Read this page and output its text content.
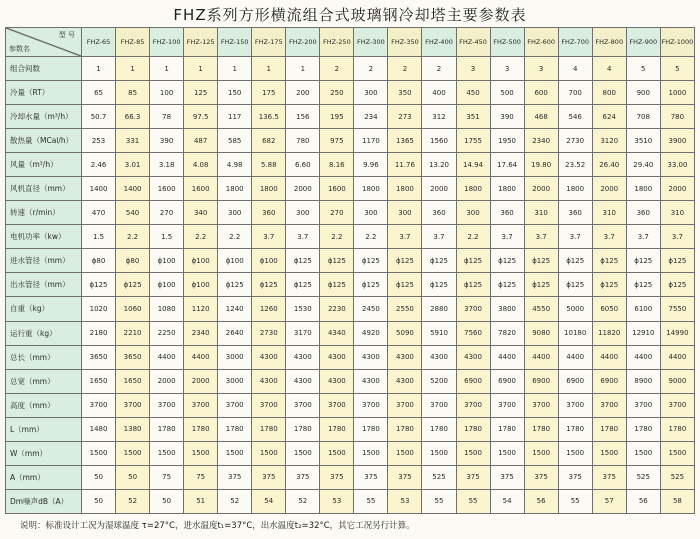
FHZ系列方形横流组合式玻璃钢冷却塔主要参数表
型 号
参数名	FHZ-65	FHZ-85	FHZ-100	FHZ-125	FHZ-150	FHZ-175	FHZ-200	FHZ-250	FHZ-300	FHZ-350	FHZ-400	FHZ-450	FHZ-500	FHZ-600	FHZ-700	FHZ-800	FHZ-900	FHZ-1000
组合间数	1	1	1	1	1	1	1	2	2	2	2	3	3	3	4	4	5	5
冷量（RT）	65	85	100	125	150	175	200	250	300	350	400	450	500	600	700	800	900	1000
冷却水量（m³/h）	50.7	66.3	78	97.5	117	136.5	156	195	234	273	312	351	390	468	546	624	708	780
散热量（MCal/h）	253	331	390	487	585	682	780	975	1170	1365	1560	1755	1950	2340	2730	3120	3510	3900
风量（m³/h）	2.46	3.01	3.18	4.08	4.98	5.88	6.60	8.16	9.96	11.76	13.20	14.94	17.64	19.80	23.52	26.40	29.40	33.00
风机直径（mm）	1400	1400	1600	1600	1800	1800	2000	1600	1800	1800	2000	1800	1800	2000	1800	2000	1800	2000
转速（r/min）	470	540	270	340	300	360	300	270	300	300	360	300	360	310	360	310	360	310
电机功率（kw）	1.5	2.2	1.5	2.2	2.2	3.7	3.7	2.2	2.2	3.7	3.7	2.2	3.7	3.7	3.7	3.7	3.7	3.7
进水管径（mm）	ϕ80	ϕ80	ϕ100	ϕ100	ϕ100	ϕ100	ϕ125	ϕ125	ϕ125	ϕ125	ϕ125	ϕ125	ϕ125	ϕ125	ϕ125	ϕ125	ϕ125	ϕ125
出水管径（mm）	ϕ125	ϕ125	ϕ100	ϕ100	ϕ125	ϕ125	ϕ125	ϕ125	ϕ125	ϕ125	ϕ125	ϕ125	ϕ125	ϕ125	ϕ125	ϕ125	ϕ125	ϕ125
自重（kg）	1020	1060	1080	1120	1240	1260	1530	2230	2450	2550	2880	3700	3800	4550	5000	6050	6100	7550
运行重（kg）	2180	2210	2250	2340	2640	2730	3170	4340	4920	5090	5910	7560	7820	9080	10180	11820	12910	14990
总长（mm）	3650	3650	4400	4400	3000	4300	4300	4300	4300	4300	4300	4300	4400	4400	4400	4400	4400	4400
总宽（mm）	1650	1650	2000	2000	3000	4300	4300	4300	4300	4300	5200	6900	6900	6900	6900	6900	8900	9000
高度（mm）	3700	3700	3700	3700	3700	3700	3700	3700	3700	3700	3700	3700	3700	3700	3700	3700	3700	3700
L（mm）	1480	1380	1780	1780	1780	1780	1780	1780	1780	1780	1780	1780	1780	1780	1780	1780	1780	1780
W（mm）	1500	1500	1500	1500	1500	1500	1500	1500	1500	1500	1500	1500	1500	1500	1500	1500	1500	1500
A（mm）	50	50	75	75	375	375	375	375	375	375	525	375	375	375	375	375	525	525
Dm噪声dB（A）	50	52	50	51	52	54	52	53	55	53	55	55	54	56	55	57	56	58
说明：标准设计工况为湿球温度 τ=27°C，进水温度t₁=37°C，出水温度t₂=32°C，其它工况另行计算。
